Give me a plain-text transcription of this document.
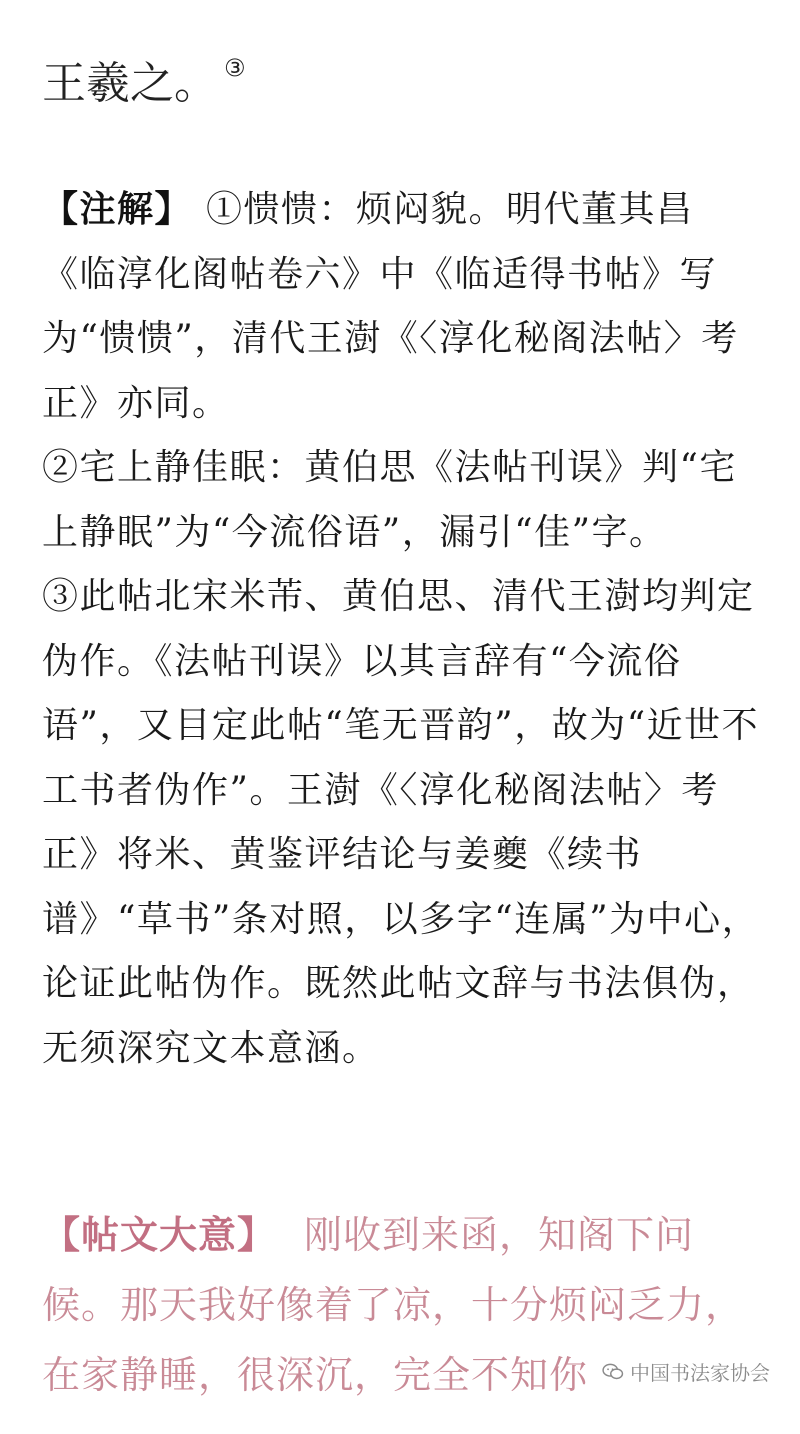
王羲之。 ③

【注解】 ①愦愦：烦闷貌。明代董其昌《临淳化阁帖卷六》中《临适得书帖》写为“愦愦”，清代王澍《〈淳化秘阁法帖〉考正》亦同。

②宅上静佳眠：黄伯思《法帖刊误》判“宅上静眠”为“今流俗语”，漏引“佳”字。

③此帖北宋米芾、黄伯思、清代王澍均判定伪作。《法帖刊误》以其言辞有“今流俗语”，又目定此帖“笔无晋韵”，故为“近世不工书者伪作”。王澍《〈淳化秘阁法帖〉考正》将米、黄鉴评结论与姜夔《续书谱》“草书”条对照，以多字“连属”为中心，论证此帖伪作。既然此帖文辞与书法俱伪，无须深究文本意涵。

【帖文大意】 刚收到来函，知阁下问候。那天我好像着了凉，十分烦闷乏力，在家静睡，很深沉，完全不知你	中国书法家协会
